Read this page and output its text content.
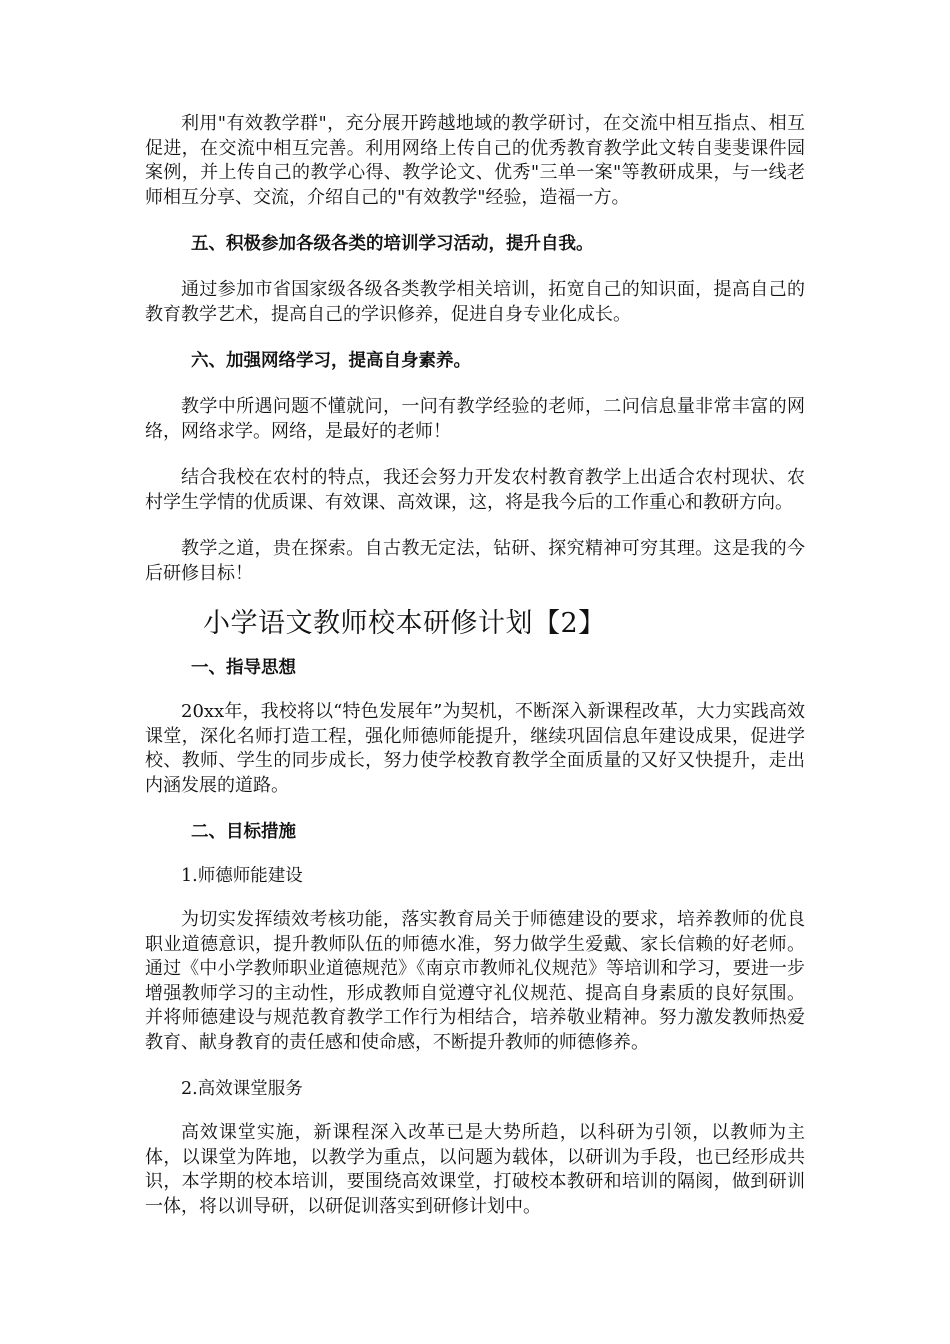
利用"有效教学群"，充分展开跨越地域的教学研讨，在交流中相互指点、相互促进，在交流中相互完善。利用网络上传自己的优秀教育教学此文转自斐斐课件园案例，并上传自己的教学心得、教学论文、优秀"三单一案"等教研成果，与一线老师相互分享、交流，介绍自己的"有效教学"经验，造福一方。

五、积极参加各级各类的培训学习活动，提升自我。

通过参加市省国家级各级各类教学相关培训，拓宽自己的知识面，提高自己的教育教学艺术，提高自己的学识修养，促进自身专业化成长。

六、加强网络学习，提高自身素养。

教学中所遇问题不懂就问，一问有教学经验的老师，二问信息量非常丰富的网络，网络求学。网络，是最好的老师！

结合我校在农村的特点，我还会努力开发农村教育教学上出适合农村现状、农村学生学情的优质课、有效课、高效课，这，将是我今后的工作重心和教研方向。

教学之道，贵在探索。自古教无定法，钻研、探究精神可穷其理。这是我的今后研修目标！

小学语文教师校本研修计划【2】
一、指导思想

20xx年，我校将以“特色发展年”为契机，不断深入新课程改革，大力实践高效课堂，深化名师打造工程，强化师德师能提升，继续巩固信息年建设成果，促进学校、教师、学生的同步成长，努力使学校教育教学全面质量的又好又快提升，走出内涵发展的道路。

二、目标措施
1.师德师能建设

为切实发挥绩效考核功能，落实教育局关于师德建设的要求，培养教师的优良职业道德意识，提升教师队伍的师德水准，努力做学生爱戴、家长信赖的好老师。通过《中小学教师职业道德规范》《南京市教师礼仪规范》等培训和学习，要进一步增强教师学习的主动性，形成教师自觉遵守礼仪规范、提高自身素质的良好氛围。并将师德建设与规范教育教学工作行为相结合，培养敬业精神。努力激发教师热爱教育、献身教育的责任感和使命感，不断提升教师的师德修养。

2.高效课堂服务

高效课堂实施，新课程深入改革已是大势所趋，以科研为引领，以教师为主体，以课堂为阵地，以教学为重点，以问题为载体，以研训为手段，也已经形成共识，本学期的校本培训，要围绕高效课堂，打破校本教研和培训的隔阂，做到研训一体，将以训导研，以研促训落实到研修计划中。
